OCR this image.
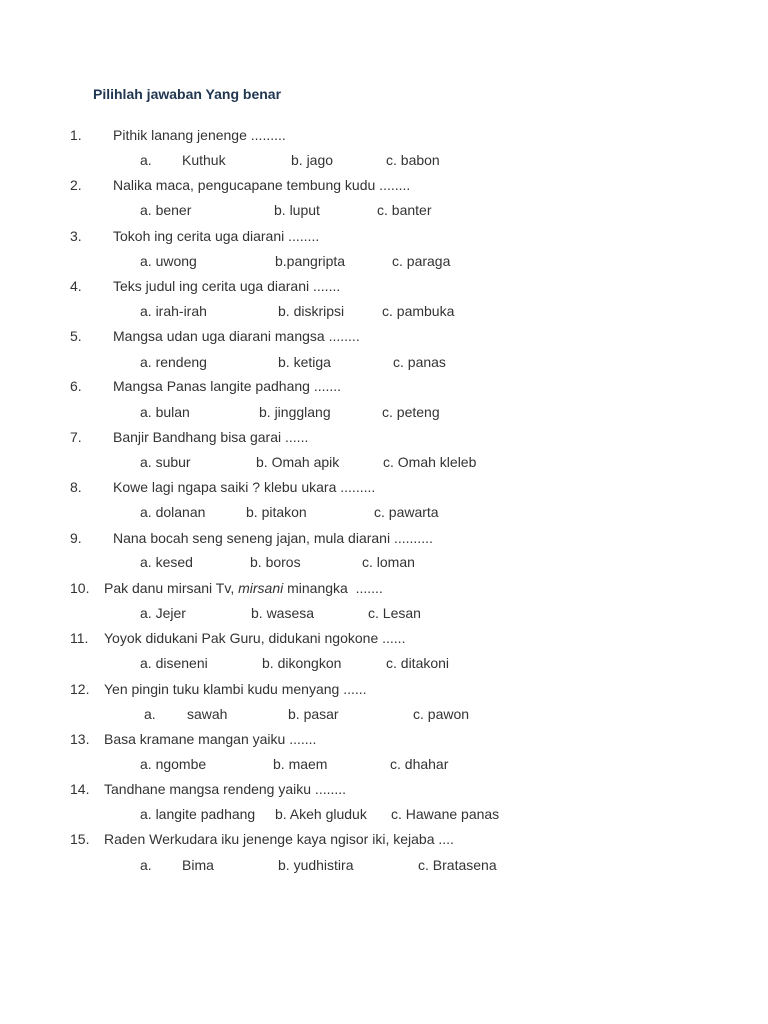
Pilihlah jawaban Yang benar
1. Pithik lanang jenenge .........
a. Kuthuk	b. jago	c. babon
2. Nalika maca, pengucapane tembung kudu ........
a. bener	b. luput	c. banter
3. Tokoh ing cerita uga diarani ........
a. uwong	b.pangripta	c. paraga
4. Teks judul ing cerita uga diarani .......
a. irah-irah	b. diskripsi	c. pambuka
5. Mangsa udan uga diarani mangsa ........
a. rendeng	b. ketiga	c. panas
6. Mangsa Panas langite padhang .......
a. bulan	b. jingglang	c. peteng
7. Banjir Bandhang bisa garai ......
a. subur	b. Omah apik	c. Omah kleleb
8. Kowe lagi ngapa saiki ? klebu ukara .........
a. dolanan	b. pitakon	c. pawarta
9. Nana bocah seng seneng jajan, mula diarani ..........
a. kesed	b. boros	c. loman
10. Pak danu mirsani Tv, mirsani minangka  .......
a. Jejer	b. wasesa	c. Lesan
11. Yoyok didukani Pak Guru, didukani ngokone ......
a. diseneni	b. dikongkon	c. ditakoni
12. Yen pingin tuku klambi kudu menyang ......
a. sawah	b. pasar	c. pawon
13. Basa kramane mangan yaiku .......
a. ngombe	b. maem	c. dhahar
14. Tandhane mangsa rendeng yaiku ........
a. langite padhang b. Akeh gluduk c. Hawane panas
15. Raden Werkudara iku jenenge kaya ngisor iki, kejaba ....
a. Bima	b. yudhistira	c. Bratasena
